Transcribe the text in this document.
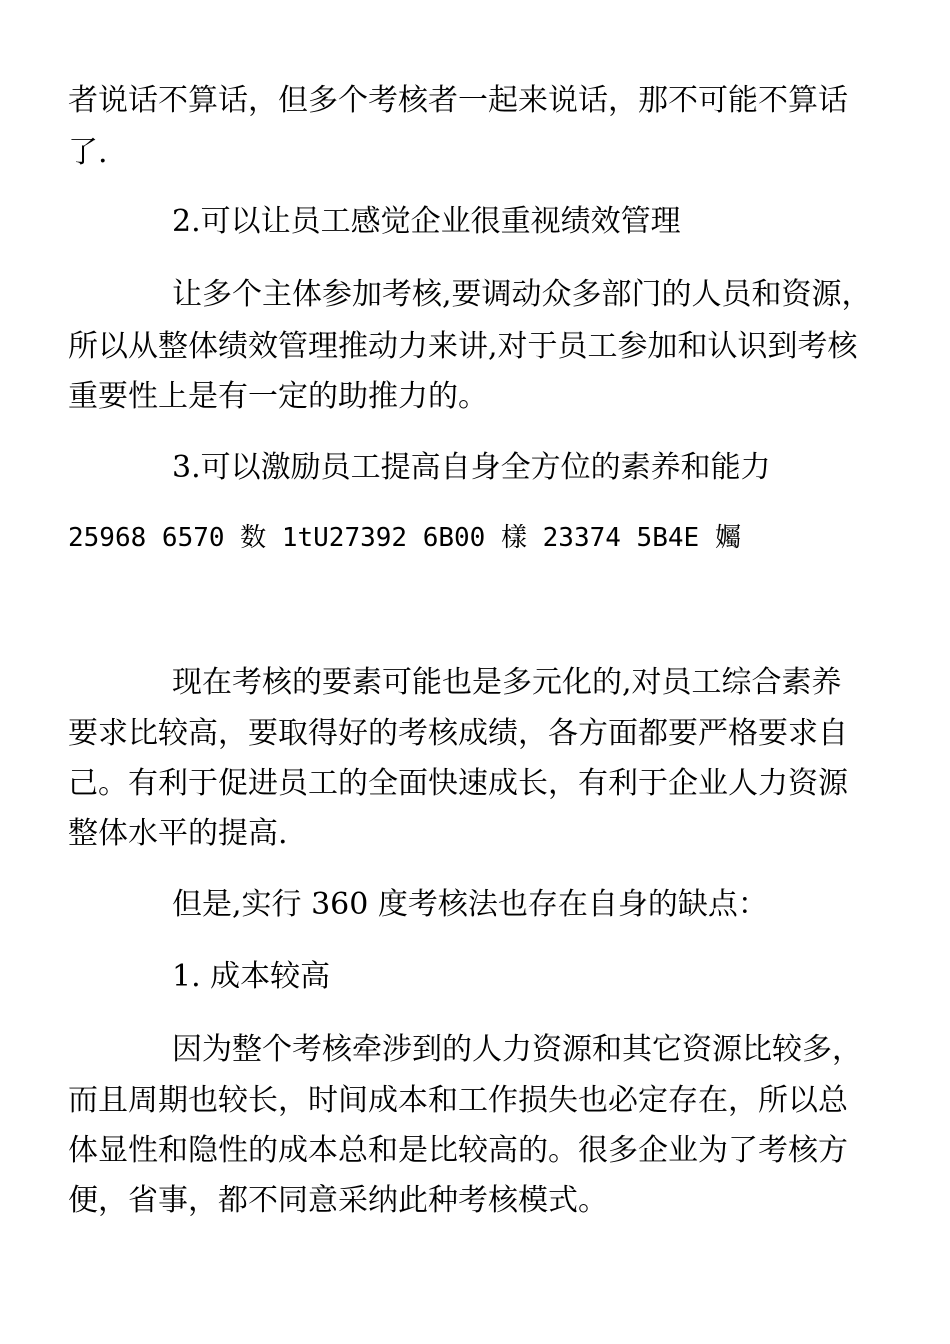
者说话不算话，但多个考核者一起来说话，那不可能不算话
了.
2.可以让员工感觉企业很重视绩效管理
让多个主体参加考核,要调动众多部门的人员和资源，
所以从整体绩效管理推动力来讲,对于员工参加和认识到考核
重要性上是有一定的助推力的。
3.可以激励员工提高自身全方位的素养和能力
25968 6570 数 1tU27392 6B00 樣 23374 5B4E 孎
现在考核的要素可能也是多元化的,对员工综合素养
要求比较高，要取得好的考核成绩，各方面都要严格要求自
己。有利于促进员工的全面快速成长，有利于企业人力资源
整体水平的提高.
但是,实行 360 度考核法也存在自身的缺点：
1. 成本较高
因为整个考核牵涉到的人力资源和其它资源比较多，
而且周期也较长，时间成本和工作损失也必定存在，所以总
体显性和隐性的成本总和是比较高的。很多企业为了考核方
便，省事，都不同意采纳此种考核模式。
